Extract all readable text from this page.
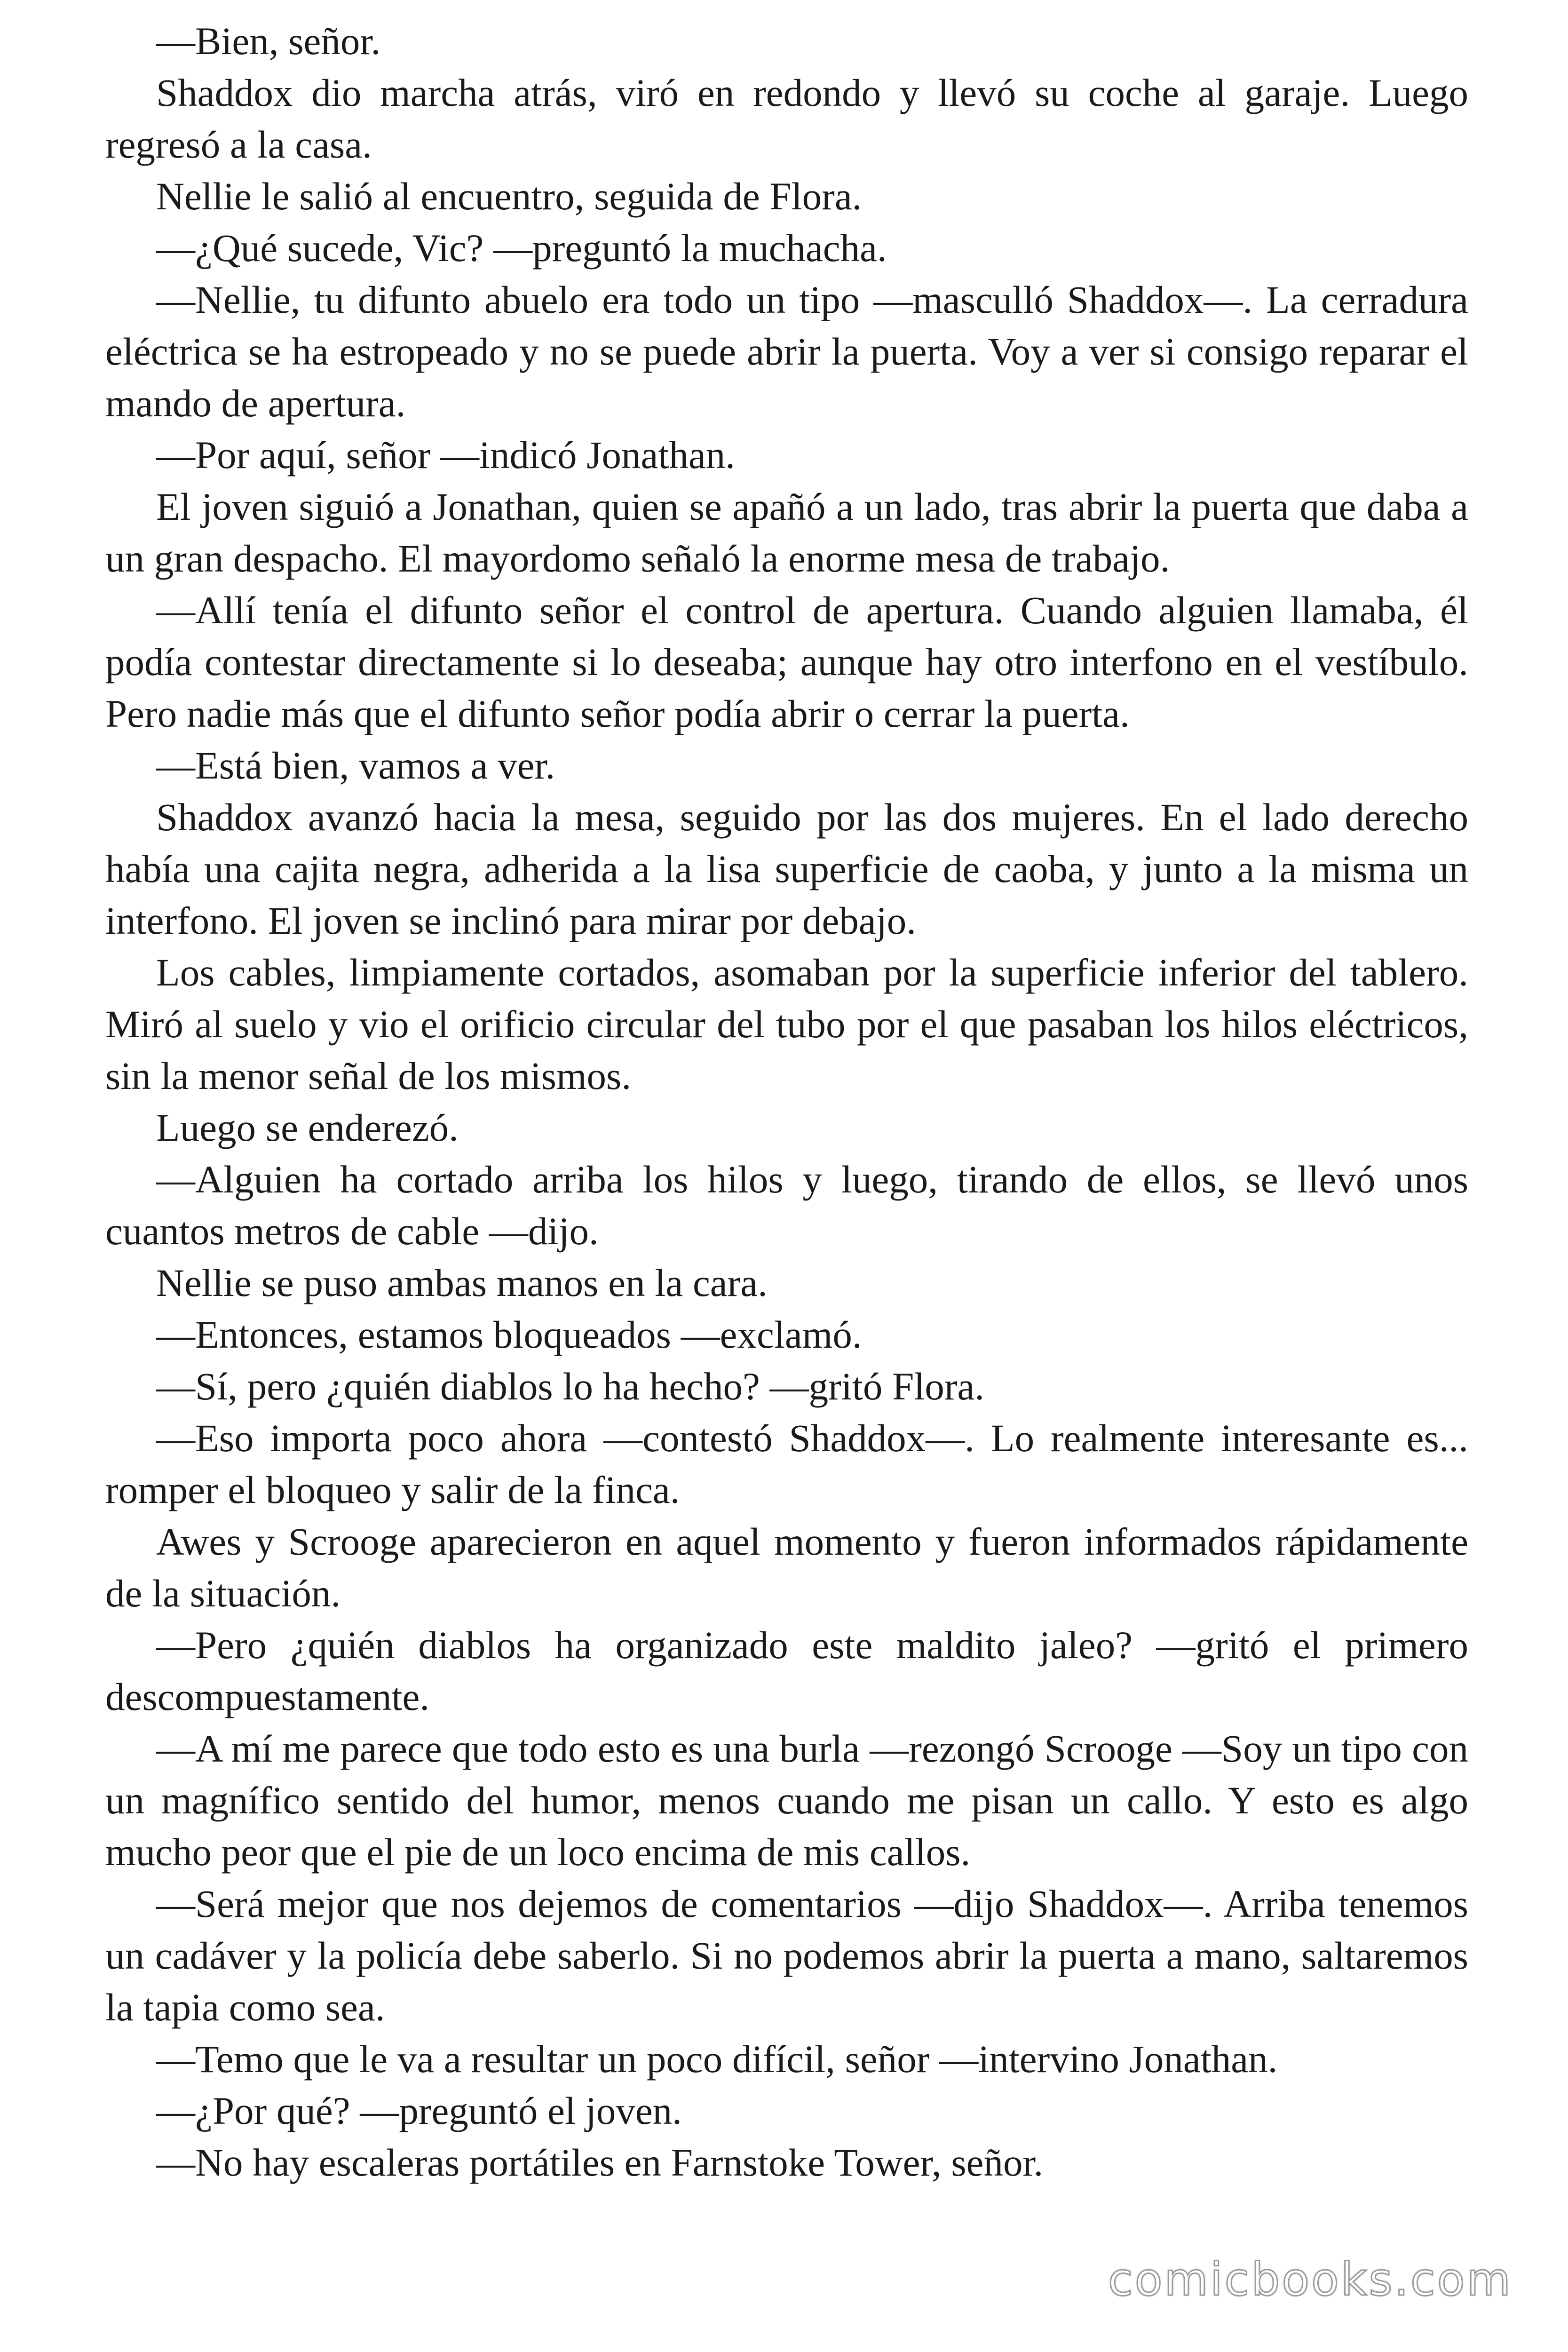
—Bien, señor.

Shaddox dio marcha atrás, viró en redondo y llevó su coche al garaje. Luego regresó a la casa.

Nellie le salió al encuentro, seguida de Flora.

—¿Qué sucede, Vic? —preguntó la muchacha.

—Nellie, tu difunto abuelo era todo un tipo —masculló Shaddox—. La cerradura eléctrica se ha estropeado y no se puede abrir la puerta. Voy a ver si consigo reparar el mando de apertura.

—Por aquí, señor —indicó Jonathan.

El joven siguió a Jonathan, quien se apañó a un lado, tras abrir la puerta que daba a un gran despacho. El mayordomo señaló la enorme mesa de trabajo.

—Allí tenía el difunto señor el control de apertura. Cuando alguien llamaba, él podía contestar directamente si lo deseaba; aunque hay otro interfono en el vestíbulo. Pero nadie más que el difunto señor podía abrir o cerrar la puerta.

—Está bien, vamos a ver.

Shaddox avanzó hacia la mesa, seguido por las dos mujeres. En el lado derecho había una cajita negra, adherida a la lisa superficie de caoba, y junto a la misma un interfono. El joven se inclinó para mirar por debajo.

Los cables, limpiamente cortados, asomaban por la superficie inferior del tablero. Miró al suelo y vio el orificio circular del tubo por el que pasaban los hilos eléctricos, sin la menor señal de los mismos.

Luego se enderezó.

—Alguien ha cortado arriba los hilos y luego, tirando de ellos, se llevó unos cuantos metros de cable —dijo.

Nellie se puso ambas manos en la cara.

—Entonces, estamos bloqueados —exclamó.

—Sí, pero ¿quién diablos lo ha hecho? —gritó Flora.

—Eso importa poco ahora —contestó Shaddox—. Lo realmente interesante es... romper el bloqueo y salir de la finca.

Awes y Scrooge aparecieron en aquel momento y fueron informados rápidamente de la situación.

—Pero ¿quién diablos ha organizado este maldito jaleo? —gritó el primero descompuestamente.

—A mí me parece que todo esto es una burla —rezongó Scrooge —Soy un tipo con un magnífico sentido del humor, menos cuando me pisan un callo. Y esto es algo mucho peor que el pie de un loco encima de mis callos.

—Será mejor que nos dejemos de comentarios —dijo Shaddox—. Arriba tenemos un cadáver y la policía debe saberlo. Si no podemos abrir la puerta a mano, saltaremos la tapia como sea.

—Temo que le va a resultar un poco difícil, señor —intervino Jonathan.

—¿Por qué? —preguntó el joven.

—No hay escaleras portátiles en Farnstoke Tower, señor.

comicbooks.com
